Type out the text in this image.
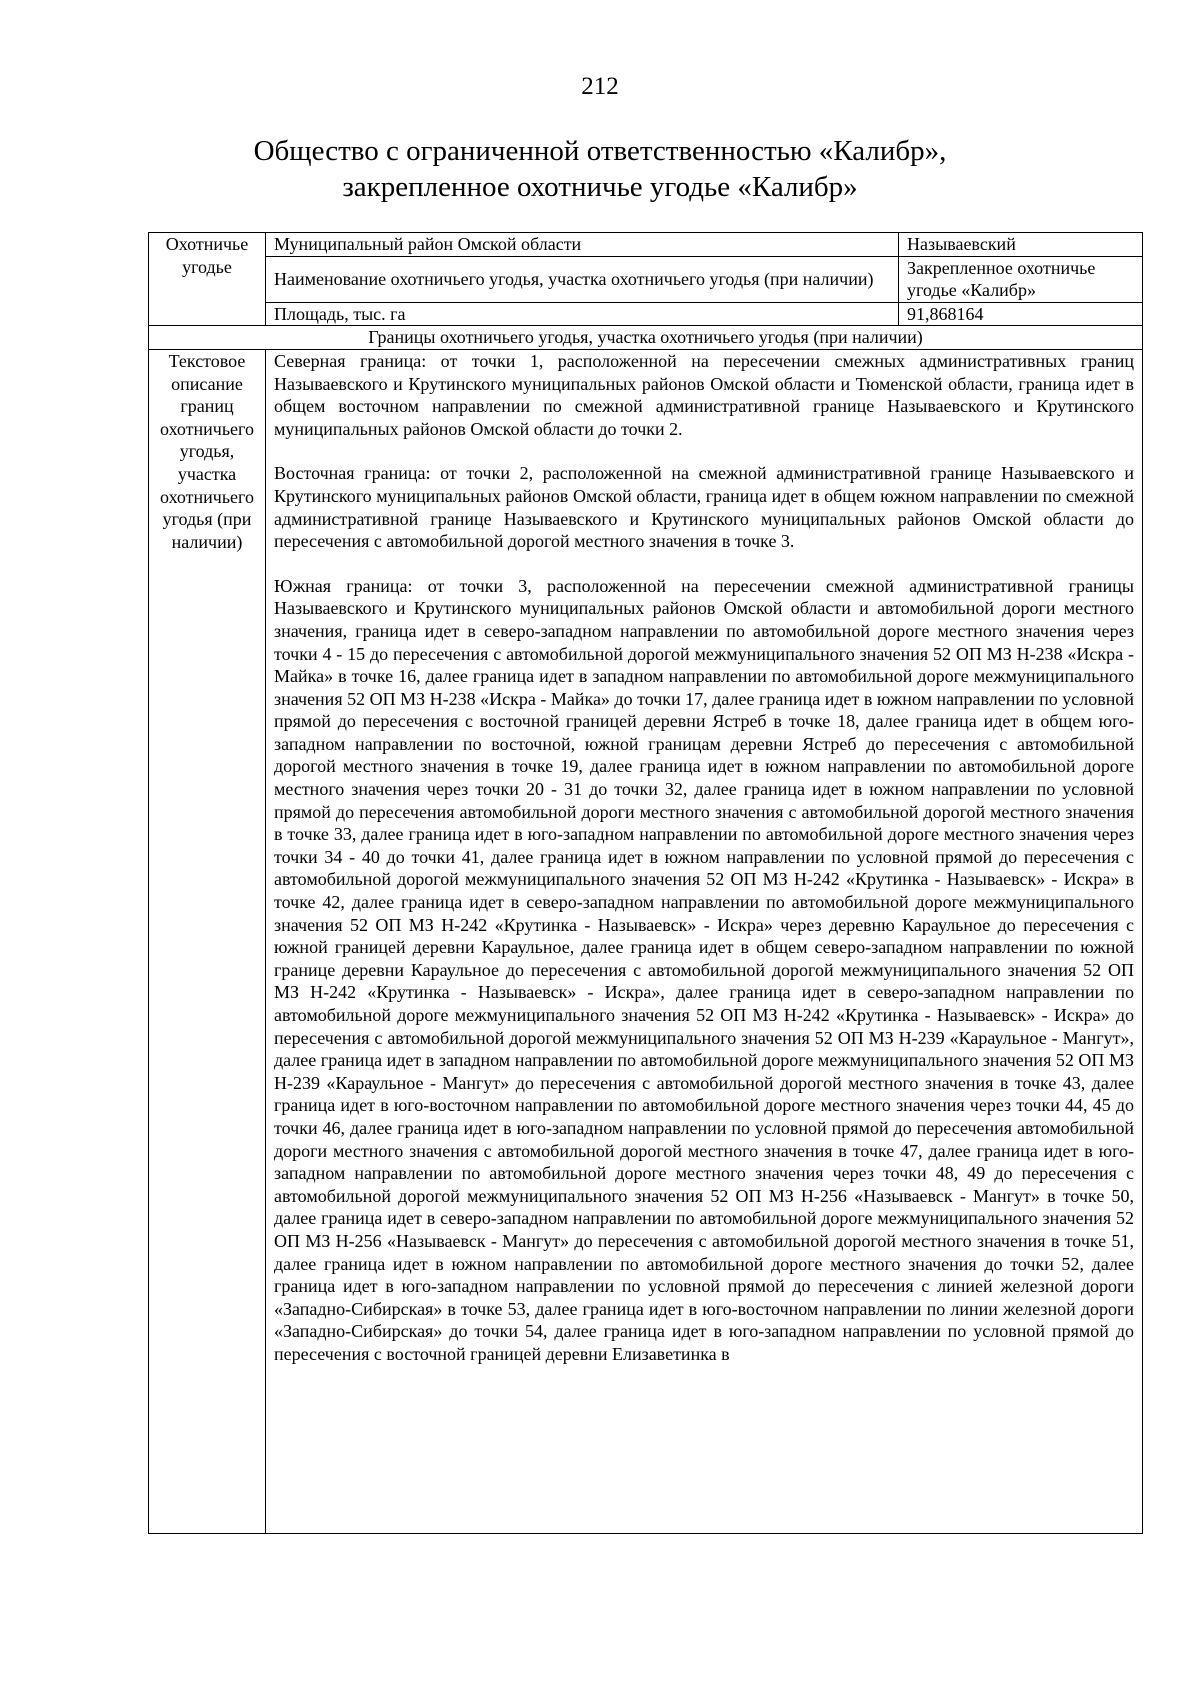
212
Общество с ограниченной ответственностью «Калибр»,
закрепленное охотничье угодье «Калибр»
Охотничье угодье	Муниципальный район Омской области	Называевский
	Наименование охотничьего угодья, участка охотничьего угодья (при наличии)	Закрепленное охотничье угодье «Калибр»
	Площадь, тыс. га	91,868164
Границы охотничьего угодья, участка охотничьего угодья (при наличии)		
Текстовое описание границ охотничьего угодья, участка охотничьего угодья (при наличии)	Северная граница: от точки 1, расположенной на пересечении смежных административных границ Называевского и Крутинского муниципальных районов Омской области и Тюменской области, граница идет в общем восточном направлении по смежной административной границе Называевского и Крутинского муниципальных районов Омской области до точки 2.

Восточная граница: от точки 2, расположенной на смежной административной границе Называевского и Крутинского муниципальных районов Омской области, граница идет в общем южном направлении по смежной административной границе Называевского и Крутинского муниципальных районов Омской области до пересечения с автомобильной дорогой местного значения в точке 3.

Южная граница: от точки 3, расположенной на пересечении смежной административной границы Называевского и Крутинского муниципальных районов Омской области и автомобильной дороги местного значения, граница идет в северо-западном направлении по автомобильной дороге местного значения через точки 4 - 15 до пересечения с автомобильной дорогой межмуниципального значения 52 ОП МЗ Н-238 «Искра - Майка» в точке 16, далее граница идет в западном направлении по автомобильной дороге межмуниципального значения 52 ОП МЗ Н-238 «Искра - Майка» до точки 17, далее граница идет в южном направлении по условной прямой до пересечения с восточной границей деревни Ястреб в точке 18, далее граница идет в общем юго-западном направлении по восточной, южной границам деревни Ястреб до пересечения с автомобильной дорогой местного значения в точке 19, далее граница идет в южном направлении по автомобильной дороге местного значения через точки 20 - 31 до точки 32, далее граница идет в южном направлении по условной прямой до пересечения автомобильной дороги местного значения с автомобильной дорогой местного значения в точке 33, далее граница идет в юго-западном направлении по автомобильной дороге местного значения через точки 34 - 40 до точки 41, далее граница идет в южном направлении по условной прямой до пересечения с автомобильной дорогой межмуниципального значения 52 ОП МЗ Н-242 «Крутинка - Называевск» - Искра» в точке 42, далее граница идет в северо-западном направлении по автомобильной дороге межмуниципального значения 52 ОП МЗ Н-242 «Крутинка - Называевск» - Искра» через деревню Караульное до пересечения с южной границей деревни Караульное, далее граница идет в общем северо-западном направлении по южной границе деревни Караульное до пересечения с автомобильной дорогой межмуниципального значения 52 ОП МЗ Н-242 «Крутинка - Называевск» - Искра», далее граница идет в северо-западном направлении по автомобильной дороге межмуниципального значения 52 ОП МЗ Н-242 «Крутинка - Называевск» - Искра» до пересечения с автомобильной дорогой межмуниципального значения 52 ОП МЗ Н-239 «Караульное - Мангут», далее граница идет в западном направлении по автомобильной дороге межмуниципального значения 52 ОП МЗ Н-239 «Караульное - Мангут» до пересечения с автомобильной дорогой местного значения в точке 43, далее граница идет в юго-восточном направлении по автомобильной дороге местного значения через точки 44, 45 до точки 46, далее граница идет в юго-западном направлении по условной прямой до пересечения автомобильной дороги местного значения с автомобильной дорогой местного значения в точке 47, далее граница идет в юго-западном направлении по автомобильной дороге местного значения через точки 48, 49 до пересечения с автомобильной дорогой межмуниципального значения 52 ОП МЗ Н-256 «Называевск - Мангут» в точке 50, далее граница идет в северо-западном направлении по автомобильной дороге межмуниципального значения 52 ОП МЗ Н-256 «Называевск - Мангут» до пересечения с автомобильной дорогой местного значения в точке 51, далее граница идет в южном направлении по автомобильной дороге местного значения до точки 52, далее граница идет в юго-западном направлении по условной прямой до пересечения с линией железной дороги «Западно-Сибирская» в точке 53, далее граница идет в юго-восточном направлении по линии железной дороги «Западно-Сибирская» до точки 54, далее граница идет в юго-западном направлении по условной прямой до пересечения с восточной границей деревни Елизаветинка в	
